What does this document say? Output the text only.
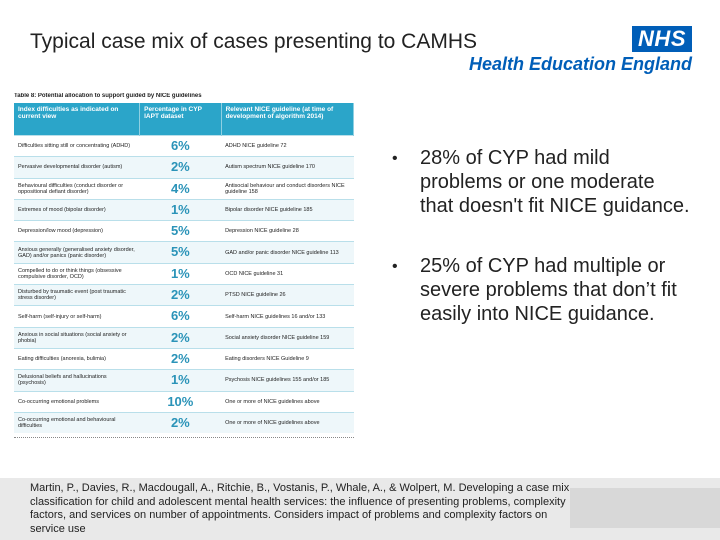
Typical case mix of cases presenting to CAMHS	NHS
Health Education England
Table 8: Potential allocation to support guided by NICE guidelines
Index difficulties as indicated on current view	Percentage in CYP IAPT dataset	Relevant NICE guideline (at time of development of algorithm 2014)
Difficulties sitting still or concentrating (ADHD)	6%	ADHD NICE guideline 72
Pervasive developmental disorder (autism)	2%	Autism spectrum NICE guideline 170
Behavioural difficulties (conduct disorder or oppositional defiant disorder)	4%	Antisocial behaviour and conduct disorders NICE guideline 158
Extremes of mood (bipolar disorder)	1%	Bipolar disorder NICE guideline 185
Depression/low mood (depression)	5%	Depression NICE guideline 28
Anxious generally (generalised anxiety disorder, GAD) and/or panics (panic disorder)	5%	GAD and/or panic disorder NICE guideline 113
Compelled to do or think things (obsessive compulsive disorder, OCD)	1%	OCD NICE guideline 31
Disturbed by traumatic event (post traumatic stress disorder)	2%	PTSD NICE guideline 26
Self-harm (self-injury or self-harm)	6%	Self-harm NICE guidelines 16 and/or 133
Anxious in social situations (social anxiety or phobia)	2%	Social anxiety disorder NICE guideline 159
Eating difficulties (anorexia, bulimia)	2%	Eating disorders NICE Guideline 9
Delusional beliefs and hallucinations (psychosis)	1%	Psychosis NICE guidelines 155 and/or 185
Co-occurring emotional problems	10%	One or more of NICE guidelines above
Co-occurring emotional and behavioural difficulties	2%	One or more of NICE guidelines above
• 28% of CYP had mild problems or one moderate that doesn't fit NICE guidance.
• 25% of CYP had multiple or severe problems that don’t fit easily into NICE guidance.
Martin, P., Davies, R., Macdougall, A., Ritchie, B., Vostanis, P., Whale, A., & Wolpert, M. Developing a case mix classification for child and adolescent mental health services: the influence of presenting problems, complexity factors, and services on number of appointments. Considers impact of problems and complexity factors on service use
